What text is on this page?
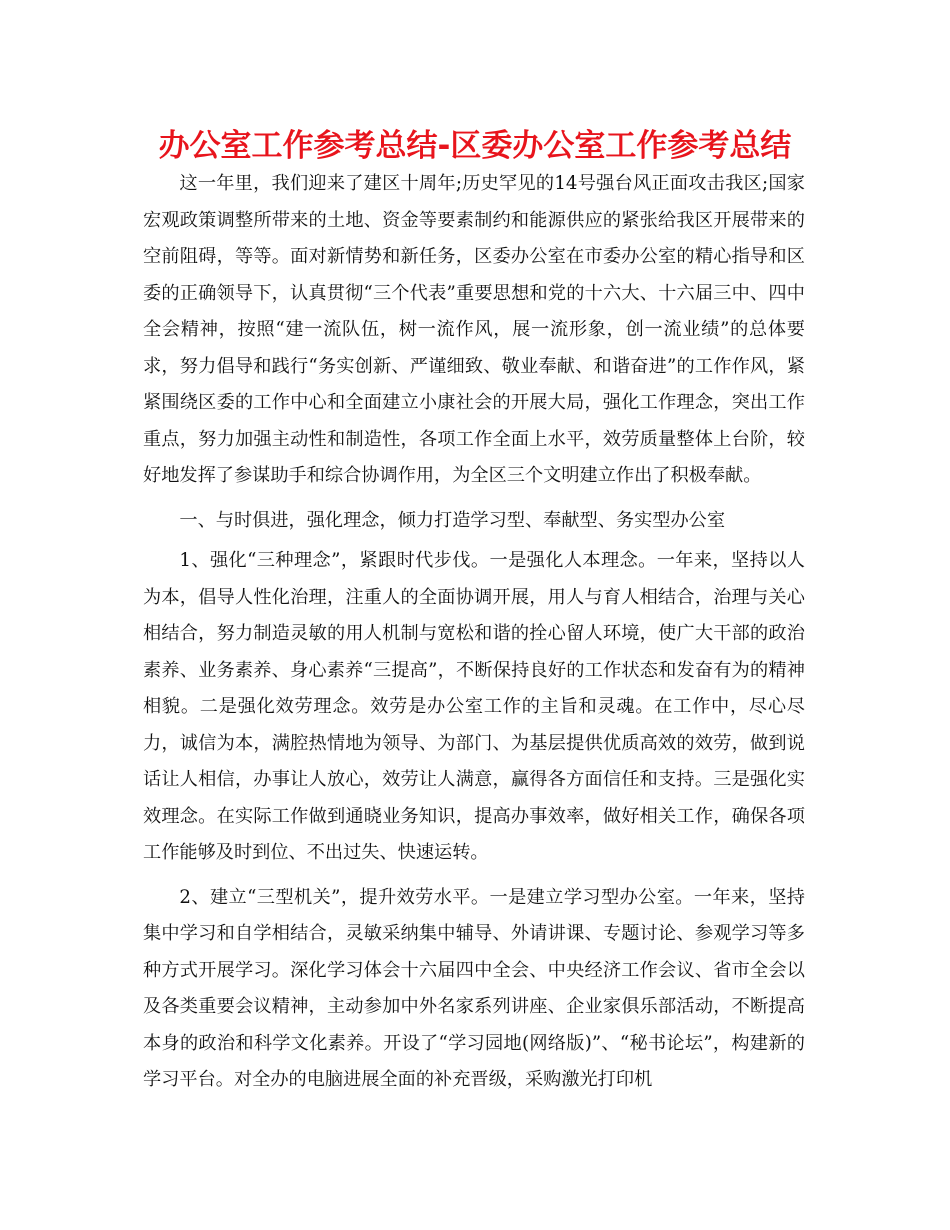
办公室工作参考总结-区委办公室工作参考总结

这一年里，我们迎来了建区十周年;历史罕见的14号强台风正面攻击我区;国家宏观政策调整所带来的土地、资金等要素制约和能源供应的紧张给我区开展带来的空前阻碍，等等。面对新情势和新任务，区委办公室在市委办公室的精心指导和区委的正确领导下，认真贯彻“三个代表”重要思想和党的十六大、十六届三中、四中全会精神，按照“建一流队伍，树一流作风，展一流形象，创一流业绩”的总体要求，努力倡导和践行“务实创新、严谨细致、敬业奉献、和谐奋进”的工作作风，紧紧围绕区委的工作中心和全面建立小康社会的开展大局，强化工作理念，突出工作重点，努力加强主动性和制造性，各项工作全面上水平，效劳质量整体上台阶，较好地发挥了参谋助手和综合协调作用，为全区三个文明建立作出了积极奉献。

一、与时俱进，强化理念，倾力打造学习型、奉献型、务实型办公室

1、强化“三种理念”，紧跟时代步伐。一是强化人本理念。一年来，坚持以人为本，倡导人性化治理，注重人的全面协调开展，用人与育人相结合，治理与关心相结合，努力制造灵敏的用人机制与宽松和谐的拴心留人环境，使广大干部的政治素养、业务素养、身心素养“三提高”，不断保持良好的工作状态和发奋有为的精神相貌。二是强化效劳理念。效劳是办公室工作的主旨和灵魂。在工作中，尽心尽力，诚信为本，满腔热情地为领导、为部门、为基层提供优质高效的效劳，做到说话让人相信，办事让人放心，效劳让人满意，赢得各方面信任和支持。三是强化实效理念。在实际工作做到通晓业务知识，提高办事效率，做好相关工作，确保各项工作能够及时到位、不出过失、快速运转。

2、建立“三型机关”，提升效劳水平。一是建立学习型办公室。一年来，坚持集中学习和自学相结合，灵敏采纳集中辅导、外请讲课、专题讨论、参观学习等多种方式开展学习。深化学习体会十六届四中全会、中央经济工作会议、省市全会以及各类重要会议精神，主动参加中外名家系列讲座、企业家俱乐部活动，不断提高本身的政治和科学文化素养。开设了“学习园地(网络版)”、“秘书论坛”，构建新的学习平台。对全办的电脑进展全面的补充晋级，采购激光打印机
